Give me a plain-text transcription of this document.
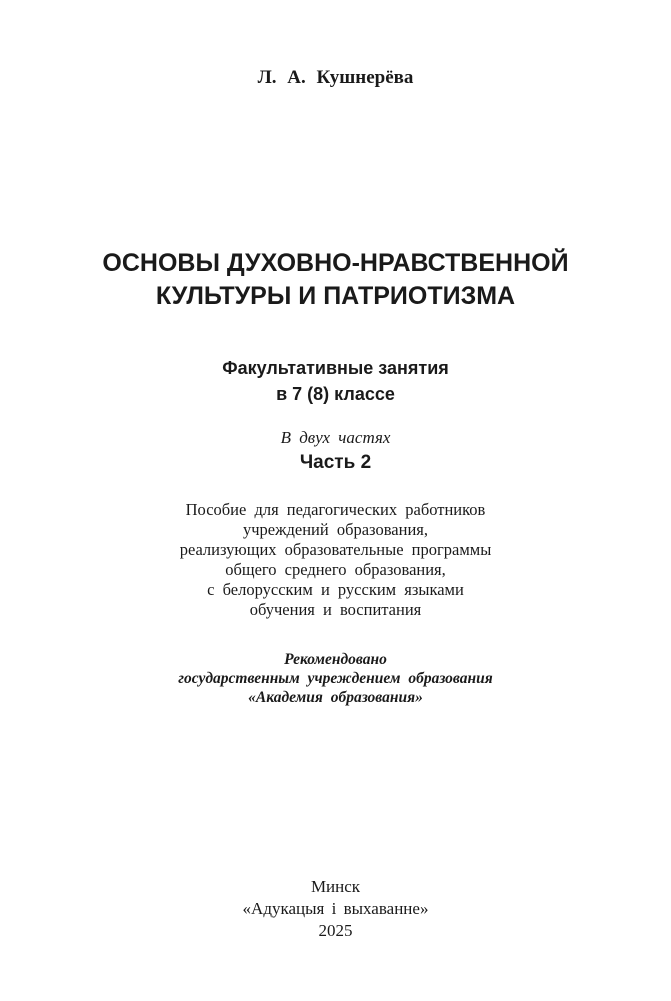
Л. А. Кушнерёва
ОСНОВЫ ДУХОВНО-НРАВСТВЕННОЙ
КУЛЬТУРЫ И ПАТРИОТИЗМА
Факультативные занятия
в 7 (8) классе
В двух частях
Часть 2
Пособие для педагогических работников
учреждений образования,
реализующих образовательные программы
общего среднего образования,
с белорусским и русским языками
обучения и воспитания
Рекомендовано
государственным учреждением образования
«Академия образования»
Минск
«Адукацыя і выхаванне»
2025
